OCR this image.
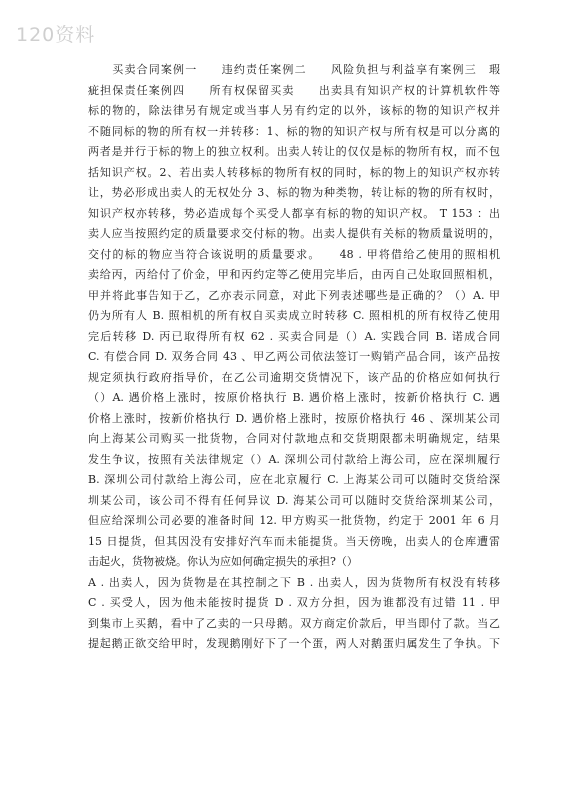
120资料
　　买卖合同案例一　　违约责任案例二　　风险负担与利益享有案例三　瑕
疵担保责任案例四　　所有权保留买卖　　出卖具有知识产权的计算机软件等
标的物的，除法律另有规定或当事人另有约定的以外，该标的物的知识产权并
不随同标的物的所有权一并转移：1、标的物的知识产权与所有权是可以分离的
两者是并行于标的物上的独立权利。出卖人转让的仅仅是标的物所有权，而不包
括知识产权。2、若出卖人转移标的物所有权的同时，标的物上的知识产权亦转
让，势必形成出卖人的无权处分 3、标的物为种类物，转让标的物的所有权时，
知识产权亦转移，势必造成每个买受人都享有标的物的知识产权。 T 153 ：出
卖人应当按照约定的质量要求交付标的物。出卖人提供有关标的物质量说明的，
交付的标的物应当符合该说明的质量要求。　　48 . 甲将借给乙使用的照相机
卖给丙，丙给付了价金，甲和丙约定等乙使用完毕后，由丙自己处取回照相机，
甲并将此事告知于乙，乙亦表示同意，对此下列表述哪些是正确的？（）A. 甲
仍为所有人 B. 照相机的所有权自买卖成立时转移 C. 照相机的所有权待乙使用
完后转移 D. 丙已取得所有权 62 . 买卖合同是（）A. 实践合同 B. 诺成合同
C. 有偿合同 D. 双务合同 43 、甲乙两公司依法签订一购销产品合同，该产品按
规定须执行政府指导价，在乙公司逾期交货情况下，该产品的价格应如何执行
（）A. 遇价格上涨时，按原价格执行 B. 遇价格上涨时，按新价格执行 C. 遇
价格上涨时，按新价格执行 D. 遇价格上涨时，按原价格执行 46 、深圳某公司
向上海某公司购买一批货物，合同对付款地点和交货期限都未明确规定，结果
发生争议，按照有关法律规定（）A. 深圳公司付款给上海公司，应在深圳履行
B. 深圳公司付款给上海公司，应在北京履行 C. 上海某公司可以随时交货给深
圳某公司，该公司不得有任何异议 D. 海某公司可以随时交货给深圳某公司，
但应给深圳公司必要的准备时间 12. 甲方购买一批货物，约定于 2001 年 6 月
15 日提货，但其因没有安排好汽车而未能提货。当天傍晚，出卖人的仓库遭雷
击起火，货物被烧。你认为应如何确定损失的承担?（）
A . 出卖人，因为货物是在其控制之下 B . 出卖人，因为货物所有权没有转移
C . 买受人，因为他未能按时提货 D . 双方分担，因为谁都没有过错 11 . 甲
到集市上买鹅，看中了乙卖的一只母鹅。双方商定价款后，甲当即付了款。当乙
提起鹅正欲交给甲时，发现鹅刚好下了一个蛋，两人对鹅蛋归属发生了争执。下
